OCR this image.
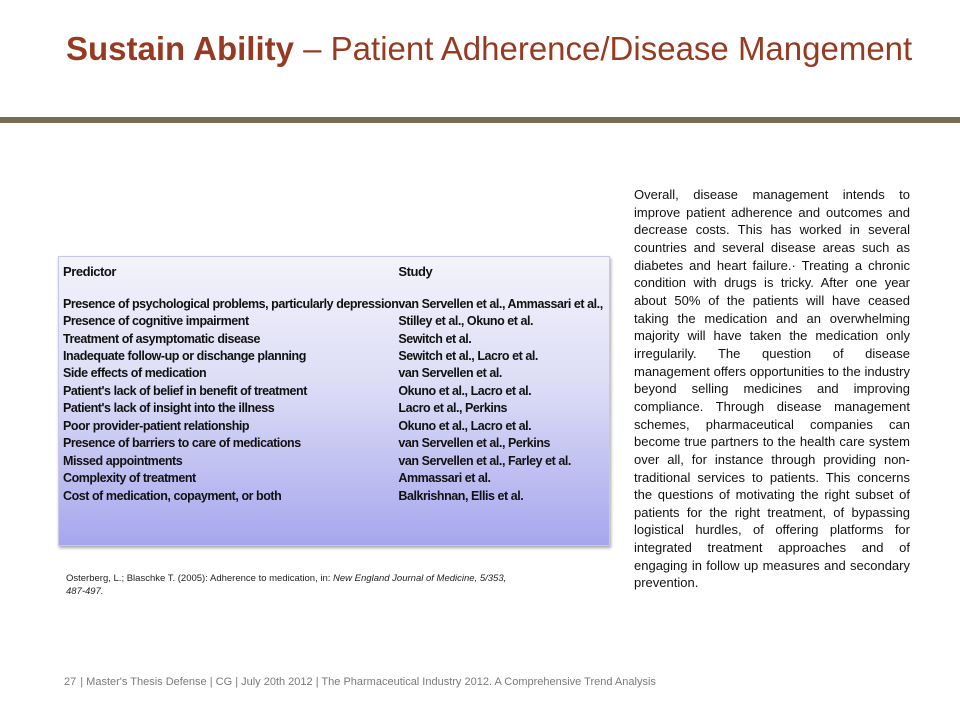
Sustain Ability – Patient Adherence/Disease Mangement
Predictor	Study

Presence of psychological problems, particularly depression	van Servellen et al., Ammassari et al.,
Presence of cognitive impairment	Stilley et al., Okuno et al.
Treatment of asymptomatic disease	Sewitch et al.
Inadequate follow-up or dischange planning	Sewitch et al., Lacro et al.
Side effects of medication	van Servellen et al.
Patient's lack of belief in benefit of treatment	Okuno et al., Lacro et al.
Patient's lack of insight into the illness	Lacro et al., Perkins
Poor provider-patient relationship	Okuno et al., Lacro et al.
Presence of barriers to care of medications	van Servellen et al., Perkins
Missed appointments	van Servellen et al., Farley et al.
Complexity of treatment	Ammassari et al.
Cost of medication, copayment, or both	Balkrishnan, Ellis et al.
Osterberg, L.; Blaschke T. (2005): Adherence to medication, in: New England Journal of Medicine, 5/353, 487-497.

Overall, disease management intends to improve patient adherence and outcomes and decrease costs. This has worked in several countries and several disease areas such as diabetes and heart failure.· Treating a chronic condition with drugs is tricky. After one year about 50% of the patients will have ceased taking the medication and an overwhelming majority will have taken the medication only irregularily. The question of disease management offers opportunities to the industry beyond selling medicines and improving compliance. Through disease management schemes, pharmaceutical companies can become true partners to the health care system over all, for instance through providing non-traditional services to patients. This concerns the questions of motivating the right subset of patients for the right treatment, of bypassing logistical hurdles, of offering platforms for integrated treatment approaches and of engaging in follow up measures and secondary prevention.

27 | Master's Thesis Defense | CG | July 20th 2012 | The Pharmaceutical Industry 2012. A Comprehensive Trend Analysis
